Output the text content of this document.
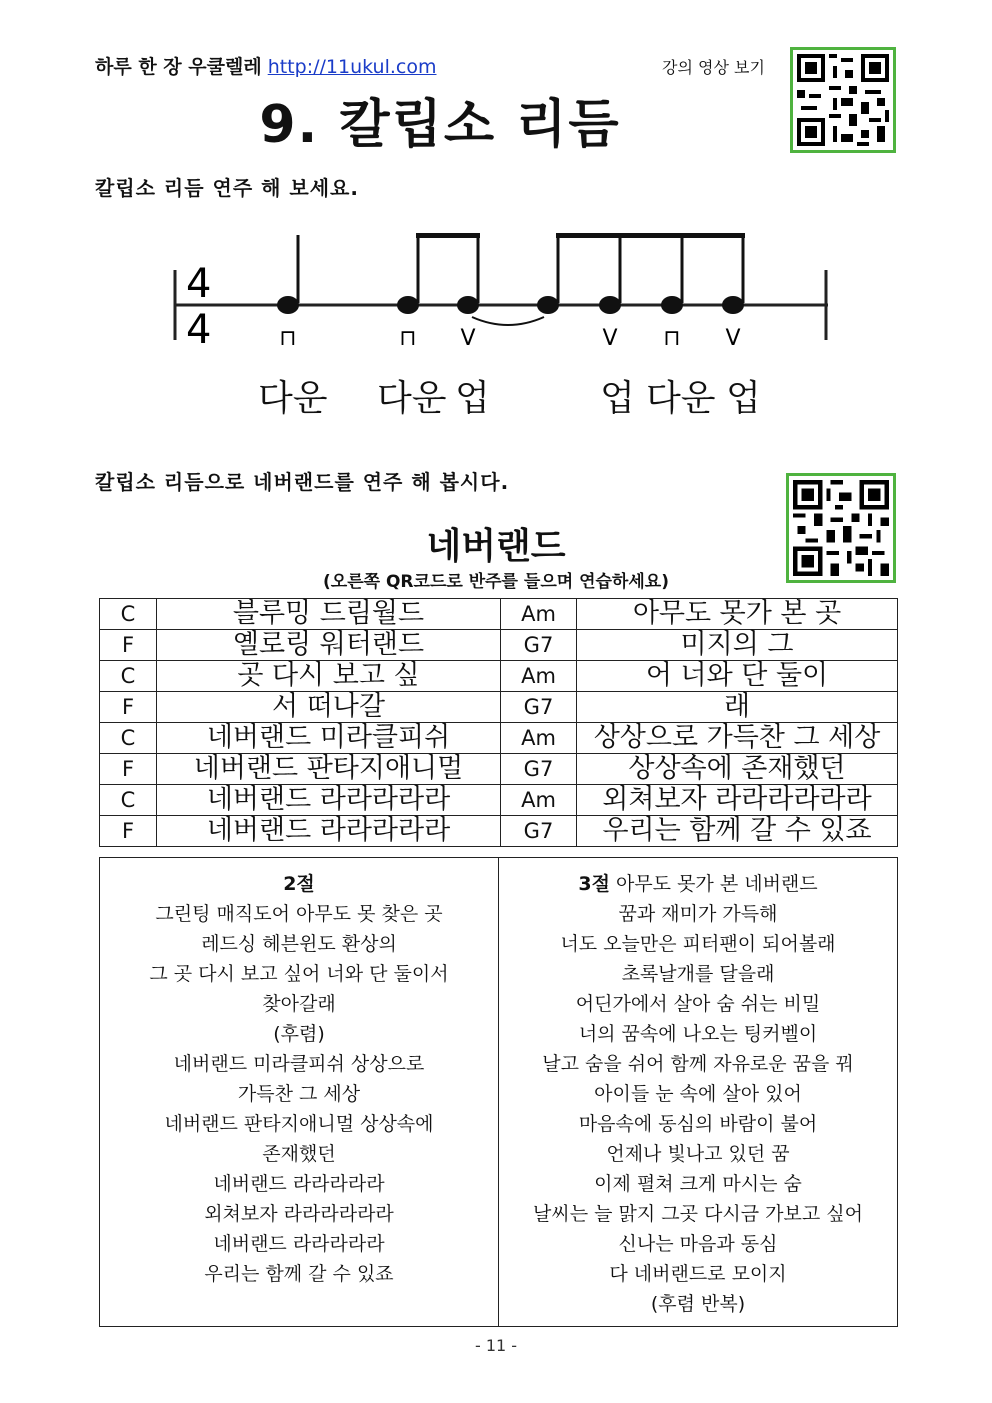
하루 한 장 우쿨렐레 http://11ukul.com	강의 영상 보기
9. 칼립소 리듬
칼립소 리듬 연주 해 보세요.
4
4	⊓	⊓ V	V ⊓ V
다운 다운 업	업 다운 업
칼립소 리듬으로 네버랜드를 연주 해 봅시다.
네버랜드
(오른쪽 QR코드로 반주를 들으며 연습하세요)
C	블루밍 드림월드	Am	아무도 못가 본 곳
F	옐로링 워터랜드	G7	미지의 그
C	곳 다시 보고 싶	Am	어 너와 단 둘이
F	서 떠나갈	G7	래
C	네버랜드 미라클피쉬	Am	상상으로 가득찬 그 세상
F	네버랜드 판타지애니멀	G7	상상속에 존재했던
C	네버랜드 라라라라라	Am	외쳐보자 라라라라라라
F	네버랜드 라라라라라	G7	우리는 함께 갈 수 있죠
2절
그린팅 매직도어 아무도 못 찾은 곳
레드싱 헤븐윈도 환상의
그 곳 다시 보고 싶어 너와 단 둘이서
찾아갈래
(후렴)
네버랜드 미라클피쉬 상상으로
가득찬 그 세상
네버랜드 판타지애니멀 상상속에
존재했던
네버랜드 라라라라라
외쳐보자 라라라라라라
네버랜드 라라라라라
우리는 함께 갈 수 있죠
3절 아무도 못가 본 네버랜드
꿈과 재미가 가득해
너도 오늘만은 피터팬이 되어볼래
초록날개를 달을래
어딘가에서 살아 숨 쉬는 비밀
너의 꿈속에 나오는 팅커벨이
날고 숨을 쉬어 함께 자유로운 꿈을 꿔
아이들 눈 속에 살아 있어
마음속에 동심의 바람이 불어
언제나 빛나고 있던 꿈
이제 펼쳐 크게 마시는 숨
날씨는 늘 맑지 그곳 다시금 가보고 싶어
신나는 마음과 동심
다 네버랜드로 모이지
(후렴 반복)
- 11 -
